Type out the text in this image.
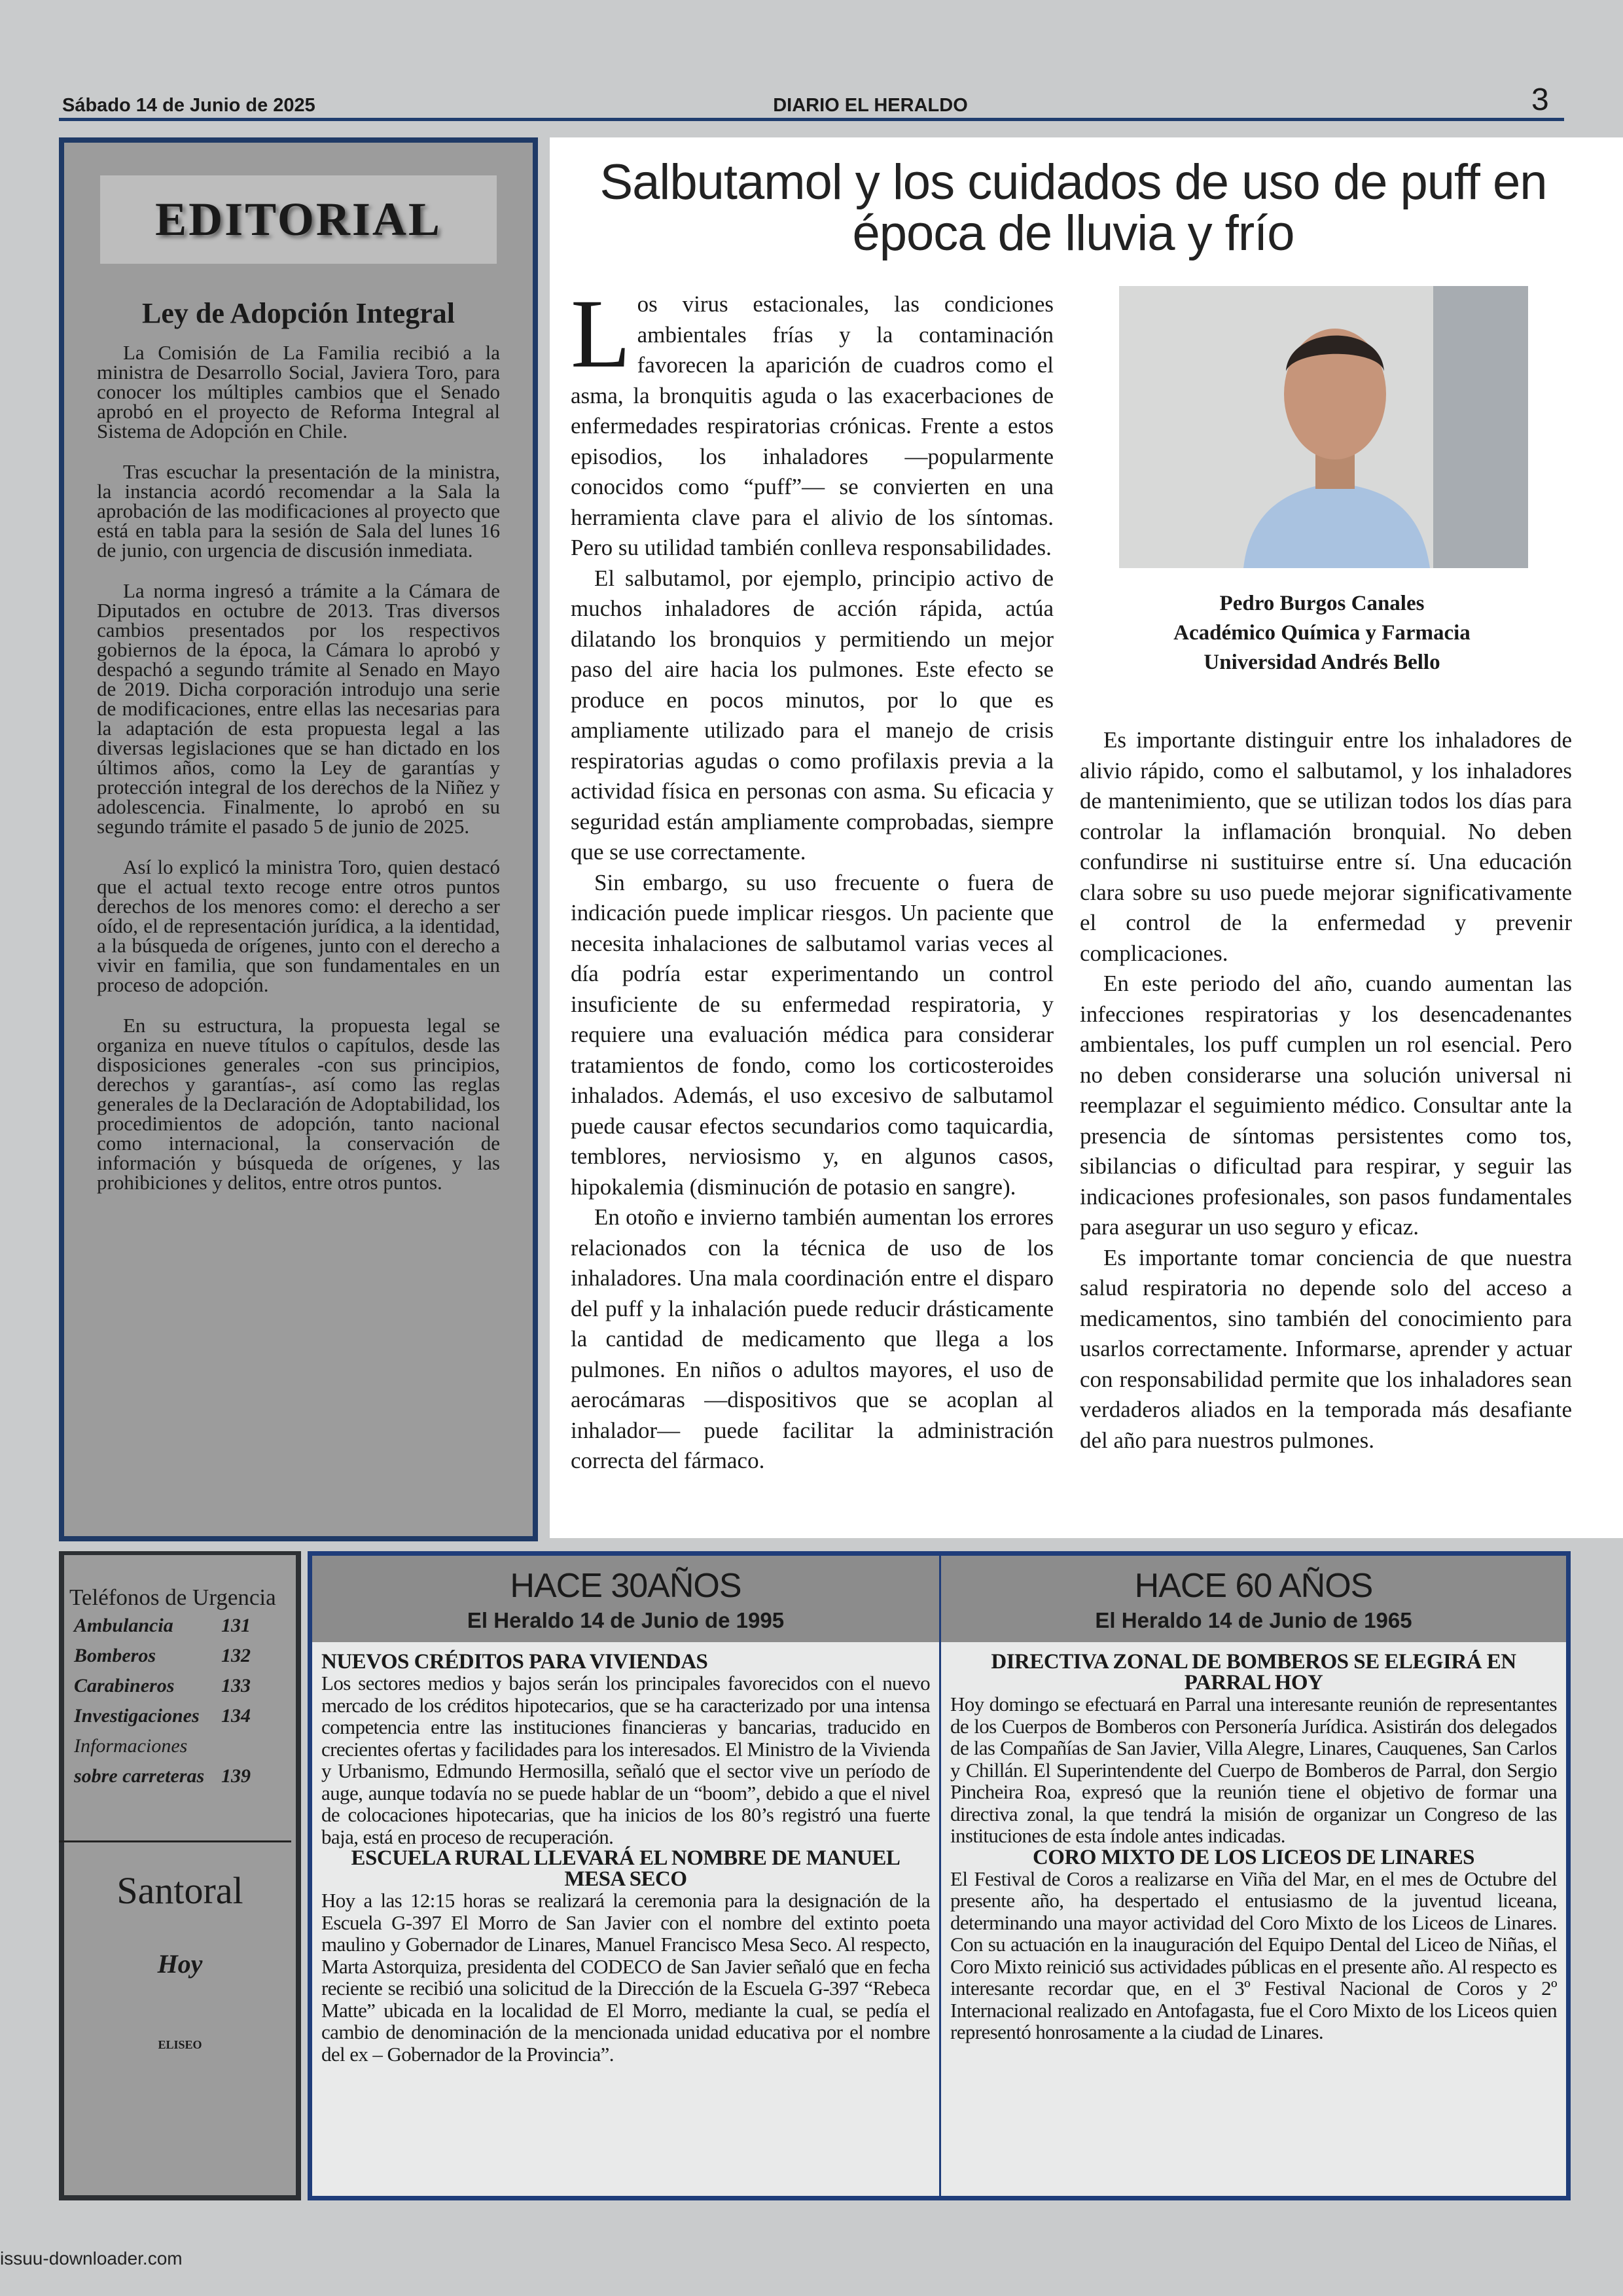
Sábado 14 de Junio de 2025	DIARIO EL HERALDO	3
EDITORIAL
Ley de Adopción Integral

La Comisión de La Familia recibió a la ministra de Desarrollo Social, Javiera Toro, para conocer los múltiples cambios que el Senado aprobó en el proyecto de Reforma Integral al Sistema de Adopción en Chile.

Tras escuchar la presentación de la ministra, la instancia acordó recomendar a la Sala la aprobación de las modificaciones al proyecto que está en tabla para la sesión de Sala del lunes 16 de junio, con urgencia de discusión inmediata.

La norma ingresó a trámite a la Cámara de Diputados en octubre de 2013. Tras diversos cambios presentados por los respectivos gobiernos de la época, la Cámara lo aprobó y despachó a segundo trámite al Senado en Mayo de 2019. Dicha corporación introdujo una serie de modificaciones, entre ellas las necesarias para la adaptación de esta propuesta legal a las diversas legislaciones que se han dictado en los últimos años, como la Ley de garantías y protección integral de los derechos de la Niñez y adolescencia. Finalmente, lo aprobó en su segundo trámite el pasado 5 de junio de 2025.

Así lo explicó la ministra Toro, quien destacó que el actual texto recoge entre otros puntos derechos de los menores como: el derecho a ser oído, el de representación jurídica, a la identidad, a la búsqueda de orígenes, junto con el derecho a vivir en familia, que son fundamentales en un proceso de adopción.

En su estructura, la propuesta legal se organiza en nueve títulos o capítulos, desde las disposiciones generales -con sus principios, derechos y garantías-, así como las reglas generales de la Declaración de Adoptabilidad, los procedimientos de adopción, tanto nacional como internacional, la conservación de información y búsqueda de orígenes, y las prohibiciones y delitos, entre otros puntos.

Salbutamol y los cuidados de uso de puff en época de lluvia y frío

Los virus estacionales, las condiciones ambientales frías y la contaminación favorecen la aparición de cuadros como el asma, la bronquitis aguda o las exacerbaciones de enfermedades respiratorias crónicas. Frente a estos episodios, los inhaladores —popularmente conocidos como “puff”— se convierten en una herramienta clave para el alivio de los síntomas. Pero su utilidad también conlleva responsabilidades.

El salbutamol, por ejemplo, principio activo de muchos inhaladores de acción rápida, actúa dilatando los bronquios y permitiendo un mejor paso del aire hacia los pulmones. Este efecto se produce en pocos minutos, por lo que es ampliamente utilizado para el manejo de crisis respiratorias agudas o como profilaxis previa a la actividad física en personas con asma. Su eficacia y seguridad están ampliamente comprobadas, siempre que se use correctamente.

Sin embargo, su uso frecuente o fuera de indicación puede implicar riesgos. Un paciente que necesita inhalaciones de salbutamol varias veces al día podría estar experimentando un control insuficiente de su enfermedad respiratoria, y requiere una evaluación médica para considerar tratamientos de fondo, como los corticosteroides inhalados. Además, el uso excesivo de salbutamol puede causar efectos secundarios como taquicardia, temblores, nerviosismo y, en algunos casos, hipokalemia (disminución de potasio en sangre).

En otoño e invierno también aumentan los errores relacionados con la técnica de uso de los inhaladores. Una mala coordinación entre el disparo del puff y la inhalación puede reducir drásticamente la cantidad de medicamento que llega a los pulmones. En niños o adultos mayores, el uso de aerocámaras —dispositivos que se acoplan al inhalador— puede facilitar la administración correcta del fármaco.

Pedro Burgos Canales
Académico Química y Farmacia
Universidad Andrés Bello

Es importante distinguir entre los inhaladores de alivio rápido, como el salbutamol, y los inhaladores de mantenimiento, que se utilizan todos los días para controlar la inflamación bronquial. No deben confundirse ni sustituirse entre sí. Una educación clara sobre su uso puede mejorar significativamente el control de la enfermedad y prevenir complicaciones.

En este periodo del año, cuando aumentan las infecciones respiratorias y los desencadenantes ambientales, los puff cumplen un rol esencial. Pero no deben considerarse una solución universal ni reemplazar el seguimiento médico. Consultar ante la presencia de síntomas persistentes como tos, sibilancias o dificultad para respirar, y seguir las indicaciones profesionales, son pasos fundamentales para asegurar un uso seguro y eficaz.

Es importante tomar conciencia de que nuestra salud respiratoria no depende solo del acceso a medicamentos, sino también del conocimiento para usarlos correctamente. Informarse, aprender y actuar con responsabilidad permite que los inhaladores sean verdaderos aliados en la temporada más desafiante del año para nuestros pulmones.

Teléfonos de Urgencia
Ambulancia	131
Bomberos	132
Carabineros	133
Investigaciones	134
Informaciones
sobre carreteras 139
Santoral
Hoy
ELISEO
HACE 30AÑOS
El Heraldo 14 de Junio de 1995
NUEVOS CRÉDITOS PARA VIVIENDAS

Los sectores medios y bajos serán los principales favorecidos con el nuevo mercado de los créditos hipotecarios, que se ha caracterizado por una intensa competencia entre las instituciones financieras y bancarias, traducido en crecientes ofertas y facilidades para los interesados. El Ministro de la Vivienda y Urbanismo, Edmundo Hermosilla, señaló que el sector vive un período de auge, aunque todavía no se puede hablar de un “boom”, debido a que el nivel de colocaciones hipotecarias, que ha inicios de los 80’s registró una fuerte baja, está en proceso de recuperación.

ESCUELA RURAL LLEVARÁ EL NOMBRE DE MANUEL MESA SECO

Hoy a las 12:15 horas se realizará la ceremonia para la designación de la Escuela G-397 El Morro de San Javier con el nombre del extinto poeta maulino y Gobernador de Linares, Manuel Francisco Mesa Seco. Al respecto, Marta Astorquiza, presidenta del CODECO de San Javier señaló que en fecha reciente se recibió una solicitud de la Dirección de la Escuela G-397 “Rebeca Matte” ubicada en la localidad de El Morro, mediante la cual, se pedía el cambio de denominación de la mencionada unidad educativa por el nombre del ex – Gobernador de la Provincia”.

HACE 60 AÑOS
El Heraldo 14 de Junio de 1965
DIRECTIVA ZONAL DE BOMBEROS SE ELEGIRÁ EN PARRAL HOY

Hoy domingo se efectuará en Parral una interesante reunión de representantes de los Cuerpos de Bomberos con Personería Jurídica. Asistirán dos delegados de las Compañías de San Javier, Villa Alegre, Linares, Cauquenes, San Carlos y Chillán. El Superintendente del Cuerpo de Bomberos de Parral, don Sergio Pincheira Roa, expresó que la reunión tiene el objetivo de formar una directiva zonal, la que tendrá la misión de organizar un Congreso de las instituciones de esta índole antes indicadas.

CORO MIXTO DE LOS LICEOS DE LINARES

El Festival de Coros a realizarse en Viña del Mar, en el mes de Octubre del presente año, ha despertado el entusiasmo de la juventud liceana, determinando una mayor actividad del Coro Mixto de los Liceos de Linares. Con su actuación en la inauguración del Equipo Dental del Liceo de Niñas, el Coro Mixto reinició sus actividades públicas en el presente año. Al respecto es interesante recordar que, en el 3º Festival Nacional de Coros y 2º Internacional realizado en Antofagasta, fue el Coro Mixto de los Liceos quien representó honrosamente a la ciudad de Linares.

issuu-downloader.com
